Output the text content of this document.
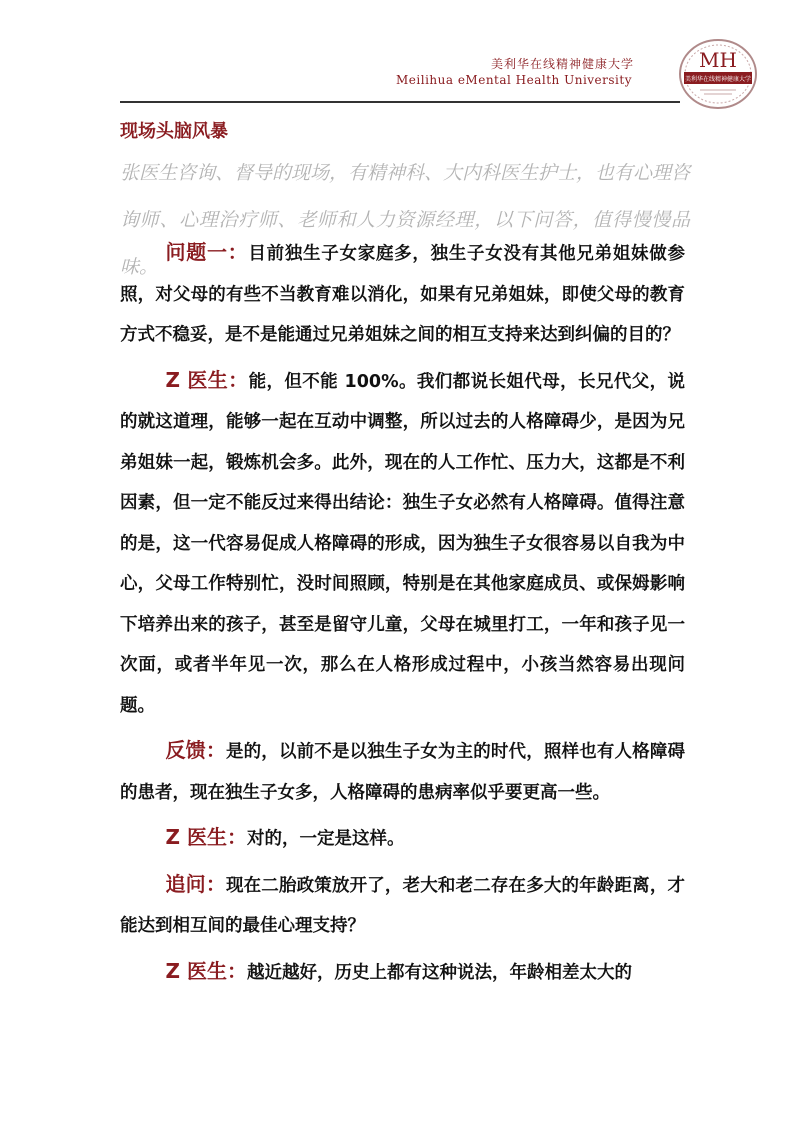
美利华在线精神健康大学
Meilihua eMental Health University
MH
美利华在线精神健康大学
现场头脑风暴
张医生咨询、督导的现场，有精神科、大内科医生护士，也有心理咨询师、心理治疗师、老师和人力资源经理，以下问答，值得慢慢品味。

问题一：目前独生子女家庭多，独生子女没有其他兄弟姐妹做参照，对父母的有些不当教育难以消化，如果有兄弟姐妹，即使父母的教育方式不稳妥，是不是能通过兄弟姐妹之间的相互支持来达到纠偏的目的？

Z 医生：能，但不能 100%。我们都说长姐代母，长兄代父，说的就这道理，能够一起在互动中调整，所以过去的人格障碍少，是因为兄弟姐妹一起，锻炼机会多。此外，现在的人工作忙、压力大，这都是不利因素，但一定不能反过来得出结论：独生子女必然有人格障碍。值得注意的是，这一代容易促成人格障碍的形成，因为独生子女很容易以自我为中心，父母工作特别忙，没时间照顾，特别是在其他家庭成员、或保姆影响下培养出来的孩子，甚至是留守儿童，父母在城里打工，一年和孩子见一次面，或者半年见一次，那么在人格形成过程中，小孩当然容易出现问题。

反馈：是的，以前不是以独生子女为主的时代，照样也有人格障碍的患者，现在独生子女多，人格障碍的患病率似乎要更高一些。

Z 医生：对的，一定是这样。

追问：现在二胎政策放开了，老大和老二存在多大的年龄距离，才能达到相互间的最佳心理支持？

Z 医生：越近越好，历史上都有这种说法，年龄相差太大的
